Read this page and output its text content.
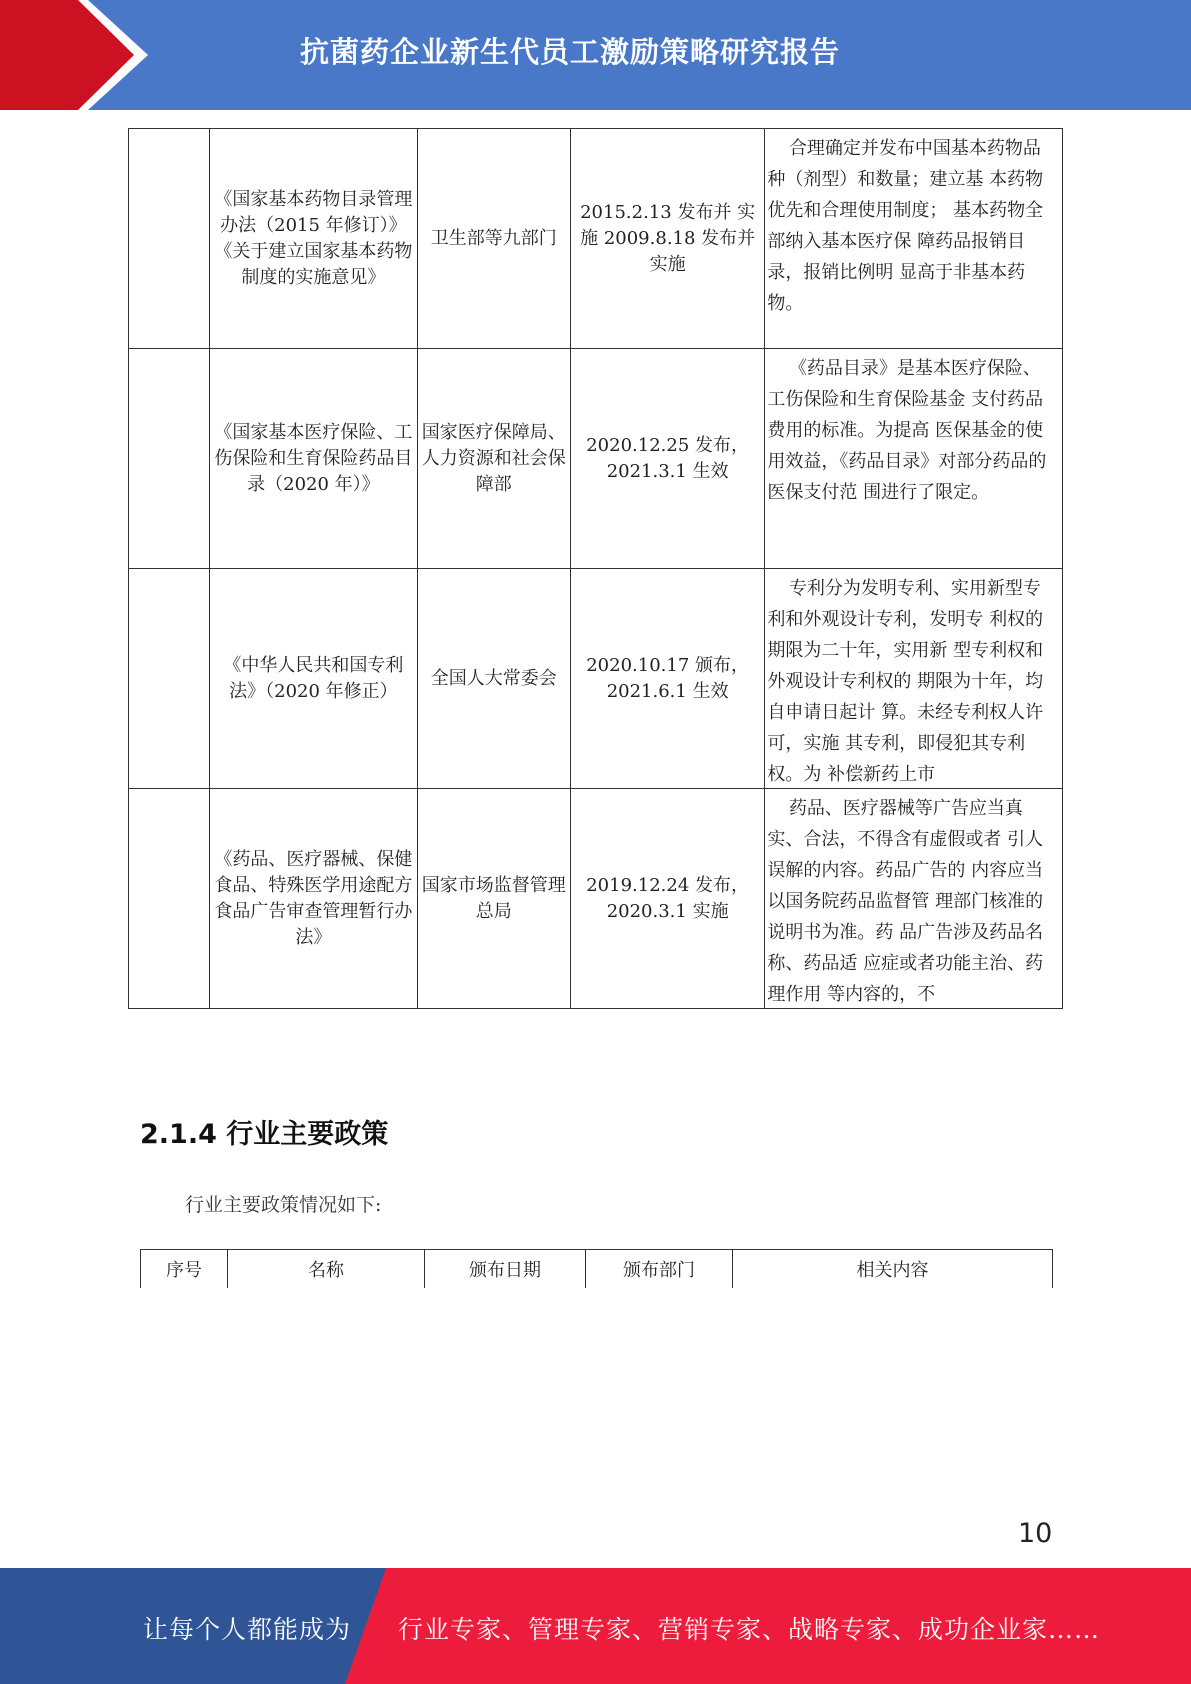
抗菌药企业新生代员工激励策略研究报告
	《国家基本药物目录管理办法（2015 年修订）》《关于建立国家基本药物制度的实施意见》	卫生部等九部门	2015.2.13 发布并 实施 2009.8.18 发布并 实施	合理确定并发布中国基本药物品种（剂型）和数量；建立基 本药物优先和合理使用制度； 基本药物全部纳入基本医疗保 障药品报销目录，报销比例明 显高于非基本药物。

	《国家基本医疗保险、工伤保险和生育保险药品目录（2020 年）》	国家医疗保障局、人力资源和社会保障部	2020.12.25 发布，2021.3.1 生效	《药品目录》是基本医疗保险、工伤保险和生育保险基金 支付药品费用的标准。为提高 医保基金的使用效益，《药品目录》对部分药品的医保支付范 围进行了限定。

	《中华人民共和国专利法》（2020 年修正）	全国人大常委会	2020.10.17 颁布，2021.6.1 生效	专利分为发明专利、实用新型专利和外观设计专利，发明专 利权的期限为二十年，实用新 型专利权和外观设计专利权的 期限为十年，均自申请日起计 算。未经专利权人许可，实施 其专利，即侵犯其专利权。为 补偿新药上市

	《药品、医疗器械、保健食品、特殊医学用途配方食品广告审查管理暂行办法》	国家市场监督管理总局	2019.12.24 发布，2020.3.1 实施	药品、医疗器械等广告应当真实、合法，不得含有虚假或者 引人误解的内容。药品广告的 内容应当以国务院药品监督管 理部门核准的说明书为准。药 品广告涉及药品名称、药品适 应症或者功能主治、药理作用 等内容的，不
2.1.4 行业主要政策
行业主要政策情况如下:
序号	名称	颁布日期	颁布部门	相关内容
10
让每个人都能成为 行业专家、管理专家、营销专家、战略专家、成功企业家……
